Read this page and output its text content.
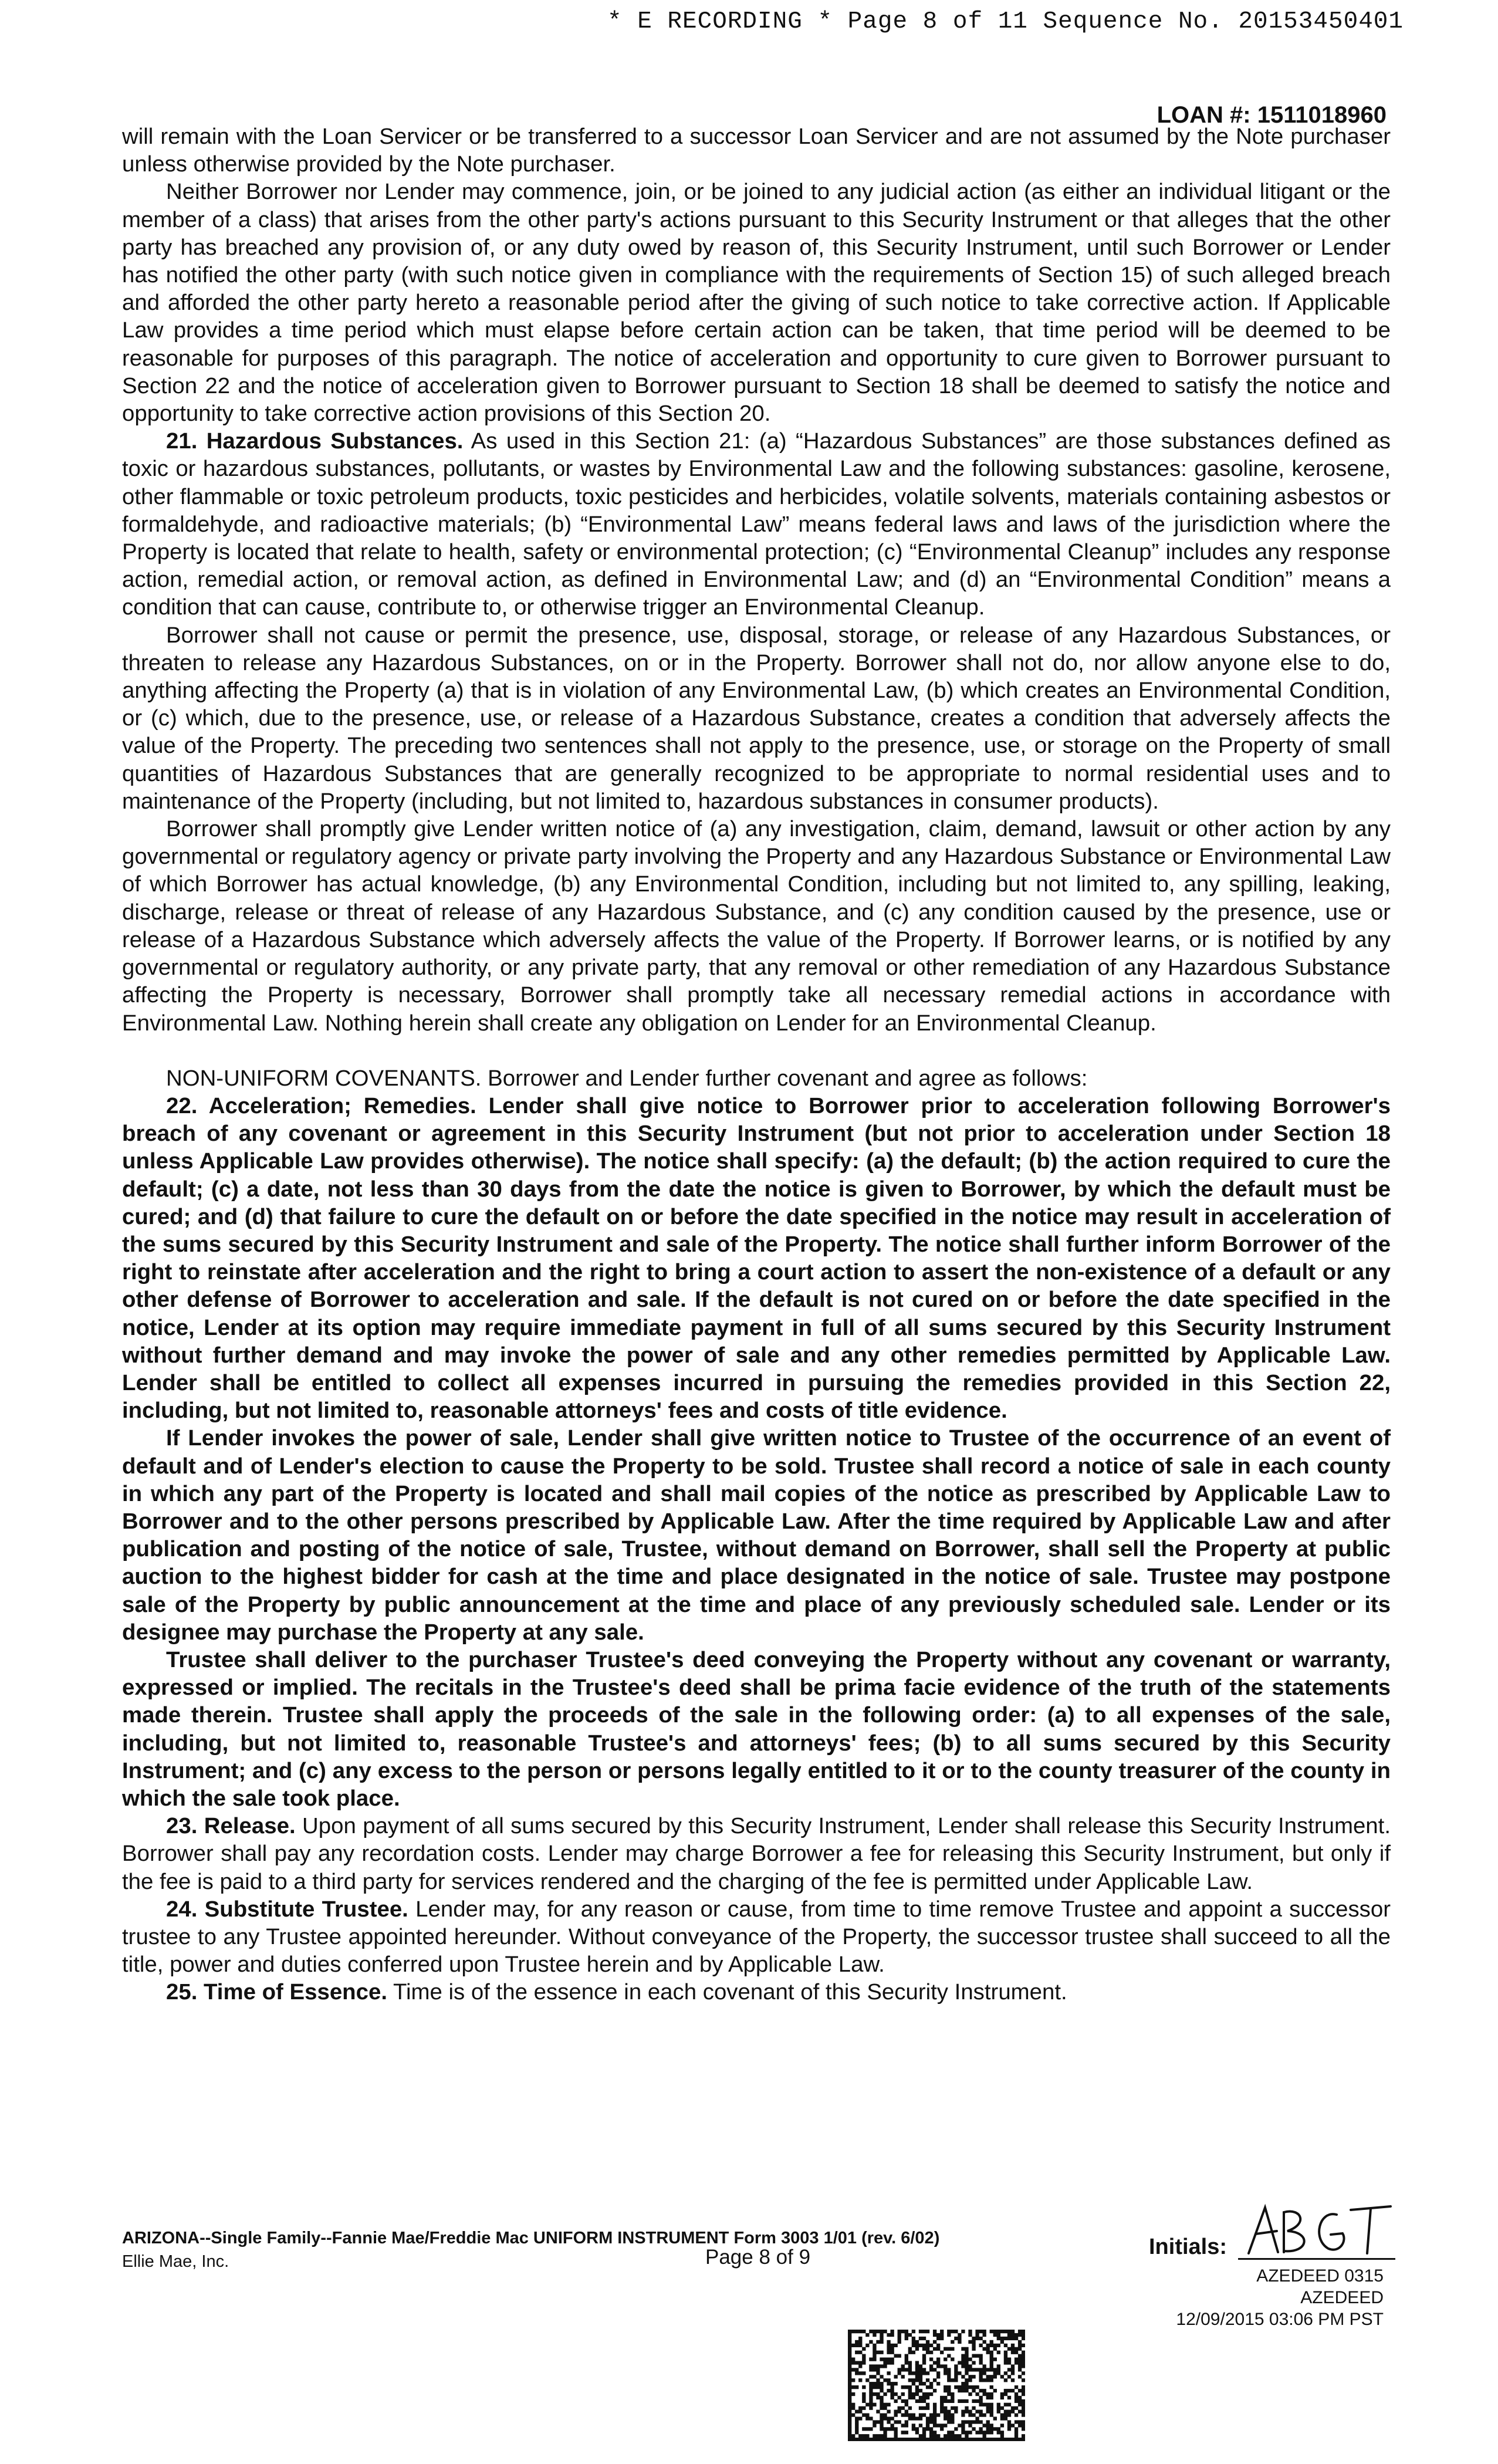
* E RECORDING * Page 8 of 11 Sequence No. 20153450401
LOAN #: 1511018960

will remain with the Loan Servicer or be transferred to a successor Loan Servicer and are not assumed by the Note purchaser unless otherwise provided by the Note purchaser.

Neither Borrower nor Lender may commence, join, or be joined to any judicial action (as either an individual litigant or the member of a class) that arises from the other party's actions pursuant to this Security Instrument or that alleges that the other party has breached any provision of, or any duty owed by reason of, this Security Instrument, until such Borrower or Lender has notified the other party (with such notice given in compliance with the requirements of Section 15) of such alleged breach and afforded the other party hereto a reasonable period after the giving of such notice to take corrective action. If Applicable Law provides a time period which must elapse before certain action can be taken, that time period will be deemed to be reasonable for purposes of this paragraph. The notice of acceleration and opportunity to cure given to Borrower pursuant to Section 22 and the notice of acceleration given to Borrower pursuant to Section 18 shall be deemed to satisfy the notice and opportunity to take corrective action provisions of this Section 20.

21. Hazardous Substances. As used in this Section 21: (a) “Hazardous Substances” are those substances defined as toxic or hazardous substances, pollutants, or wastes by Environmental Law and the following substances: gasoline, kerosene, other flammable or toxic petroleum products, toxic pesticides and herbicides, volatile solvents, materials containing asbestos or formaldehyde, and radioactive materials; (b) “Environmental Law” means federal laws and laws of the jurisdiction where the Property is located that relate to health, safety or environmental protection; (c) “Environmental Cleanup” includes any response action, remedial action, or removal action, as defined in Environmental Law; and (d) an “Environmental Condition” means a condition that can cause, contribute to, or otherwise trigger an Environmental Cleanup.

Borrower shall not cause or permit the presence, use, disposal, storage, or release of any Hazardous Substances, or threaten to release any Hazardous Substances, on or in the Property. Borrower shall not do, nor allow anyone else to do, anything affecting the Property (a) that is in violation of any Environmental Law, (b) which creates an Environmental Condition, or (c) which, due to the presence, use, or release of a Hazardous Substance, creates a condition that adversely affects the value of the Property. The preceding two sentences shall not apply to the presence, use, or storage on the Property of small quantities of Hazardous Substances that are generally recognized to be appropriate to normal residential uses and to maintenance of the Property (including, but not limited to, hazardous substances in consumer products).

Borrower shall promptly give Lender written notice of (a) any investigation, claim, demand, lawsuit or other action by any governmental or regulatory agency or private party involving the Property and any Hazardous Substance or Environmental Law of which Borrower has actual knowledge, (b) any Environmental Condition, including but not limited to, any spilling, leaking, discharge, release or threat of release of any Hazardous Substance, and (c) any condition caused by the presence, use or release of a Hazardous Substance which adversely affects the value of the Property. If Borrower learns, or is notified by any governmental or regulatory authority, or any private party, that any removal or other remediation of any Hazardous Substance affecting the Property is necessary, Borrower shall promptly take all necessary remedial actions in accordance with Environmental Law. Nothing herein shall create any obligation on Lender for an Environmental Cleanup.

NON-UNIFORM COVENANTS. Borrower and Lender further covenant and agree as follows:

22. Acceleration; Remedies. Lender shall give notice to Borrower prior to acceleration following Borrower's breach of any covenant or agreement in this Security Instrument (but not prior to acceleration under Section 18 unless Applicable Law provides otherwise). The notice shall specify: (a) the default; (b) the action required to cure the default; (c) a date, not less than 30 days from the date the notice is given to Borrower, by which the default must be cured; and (d) that failure to cure the default on or before the date specified in the notice may result in acceleration of the sums secured by this Security Instrument and sale of the Property. The notice shall further inform Borrower of the right to reinstate after acceleration and the right to bring a court action to assert the non-existence of a default or any other defense of Borrower to acceleration and sale. If the default is not cured on or before the date specified in the notice, Lender at its option may require immediate payment in full of all sums secured by this Security Instrument without further demand and may invoke the power of sale and any other remedies permitted by Applicable Law. Lender shall be entitled to collect all expenses incurred in pursuing the remedies provided in this Section 22, including, but not limited to, reasonable attorneys' fees and costs of title evidence.

If Lender invokes the power of sale, Lender shall give written notice to Trustee of the occurrence of an event of default and of Lender's election to cause the Property to be sold. Trustee shall record a notice of sale in each county in which any part of the Property is located and shall mail copies of the notice as prescribed by Applicable Law to Borrower and to the other persons prescribed by Applicable Law. After the time required by Applicable Law and after publication and posting of the notice of sale, Trustee, without demand on Borrower, shall sell the Property at public auction to the highest bidder for cash at the time and place designated in the notice of sale. Trustee may postpone sale of the Property by public announcement at the time and place of any previously scheduled sale. Lender or its designee may purchase the Property at any sale.

Trustee shall deliver to the purchaser Trustee's deed conveying the Property without any covenant or warranty, expressed or implied. The recitals in the Trustee's deed shall be prima facie evidence of the truth of the statements made therein. Trustee shall apply the proceeds of the sale in the following order: (a) to all expenses of the sale, including, but not limited to, reasonable Trustee's and attorneys' fees; (b) to all sums secured by this Security Instrument; and (c) any excess to the person or persons legally entitled to it or to the county treasurer of the county in which the sale took place.

23. Release. Upon payment of all sums secured by this Security Instrument, Lender shall release this Security Instrument. Borrower shall pay any recordation costs. Lender may charge Borrower a fee for releasing this Security Instrument, but only if the fee is paid to a third party for services rendered and the charging of the fee is permitted under Applicable Law.

24. Substitute Trustee. Lender may, for any reason or cause, from time to time remove Trustee and appoint a successor trustee to any Trustee appointed hereunder. Without conveyance of the Property, the successor trustee shall succeed to all the title, power and duties conferred upon Trustee herein and by Applicable Law.

25. Time of Essence. Time is of the essence in each covenant of this Security Instrument.

ARIZONA--Single Family--Fannie Mae/Freddie Mac UNIFORM INSTRUMENT Form 3003 1/01 (rev. 6/02)
Ellie Mae, Inc.	Page 8 of 9	Initials:
AZEDEED 0315
AZEDEED
12/09/2015 03:06 PM PST
